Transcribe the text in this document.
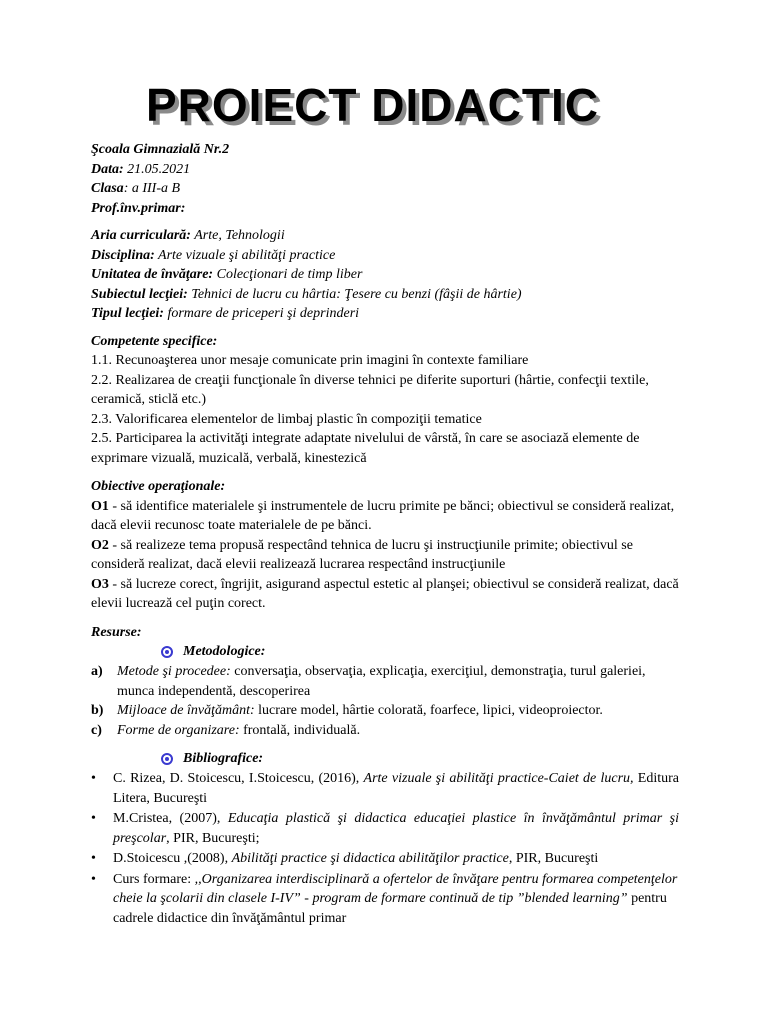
PROIECT DIDACTIC

Şcoala Gimnazială Nr.2

Data: 21.05.2021

Clasa: a III-a B

Prof.înv.primar:

Aria curriculară: Arte, Tehnologii

Disciplina: Arte vizuale şi abilităţi practice

Unitatea de învăţare: Colecţionari de timp liber

Subiectul lecţiei: Tehnici de lucru cu hârtia: Ţesere cu benzi (fâşii de hârtie)

Tipul lecţiei: formare de priceperi şi deprinderi

Competente specifice:

1.1. Recunoaşterea unor mesaje comunicate prin imagini în contexte familiare

2.2. Realizarea de creaţii funcţionale în diverse tehnici pe diferite suporturi (hârtie, confecţii textile, ceramică, sticlă etc.)

2.3. Valorificarea elementelor de limbaj plastic în compoziţii tematice

2.5. Participarea la activităţi integrate adaptate nivelului de vârstă, în care se asociază elemente de exprimare vizuală, muzicală, verbală, kinestezică

Obiective operaţionale:

O1 - să identifice materialele şi instrumentele de lucru primite pe bănci; obiectivul se consideră realizat, dacă elevii recunosc toate materialele de pe bănci.

O2 - să realizeze tema propusă respectând tehnica de lucru şi instrucţiunile primite; obiectivul se consideră realizat, dacă elevii realizează lucrarea respectând instrucţiunile

O3 - să lucreze corect, îngrijit, asigurand aspectul estetic al planşei; obiectivul se consideră realizat, dacă elevii lucrează cel puţin corect.

Resurse:

Metodologice:
a)	Metode şi procedee: conversaţia, observaţia, explicaţia, exerciţiul, demonstraţia, turul galeriei, munca independentă, descoperirea
b) Mijloace de învăţământ: lucrare model, hârtie colorată, foarfece, lipici, videoproiector.
c)	Forme de organizare: frontală, individuală.
Bibliografice:
• C. Rizea, D. Stoicescu, I.Stoicescu, (2016), Arte vizuale şi abilităţi practice-Caiet de lucru, Editura Litera, Bucureşti
• M.Cristea, (2007), Educaţia plastică şi didactica educaţiei plastice în învăţământul primar şi preşcolar, PIR, Bucureşti;
• D.Stoicescu ,(2008), Abilităţi practice şi didactica abilităţilor practice, PIR, Bucureşti
• Curs formare: ,,Organizarea interdisciplinară a ofertelor de învăţare pentru formarea competenţelor cheie la şcolarii din clasele I-IV” - program de formare continuă de tip ”blended learning” pentru cadrele didactice din învăţământul primar
